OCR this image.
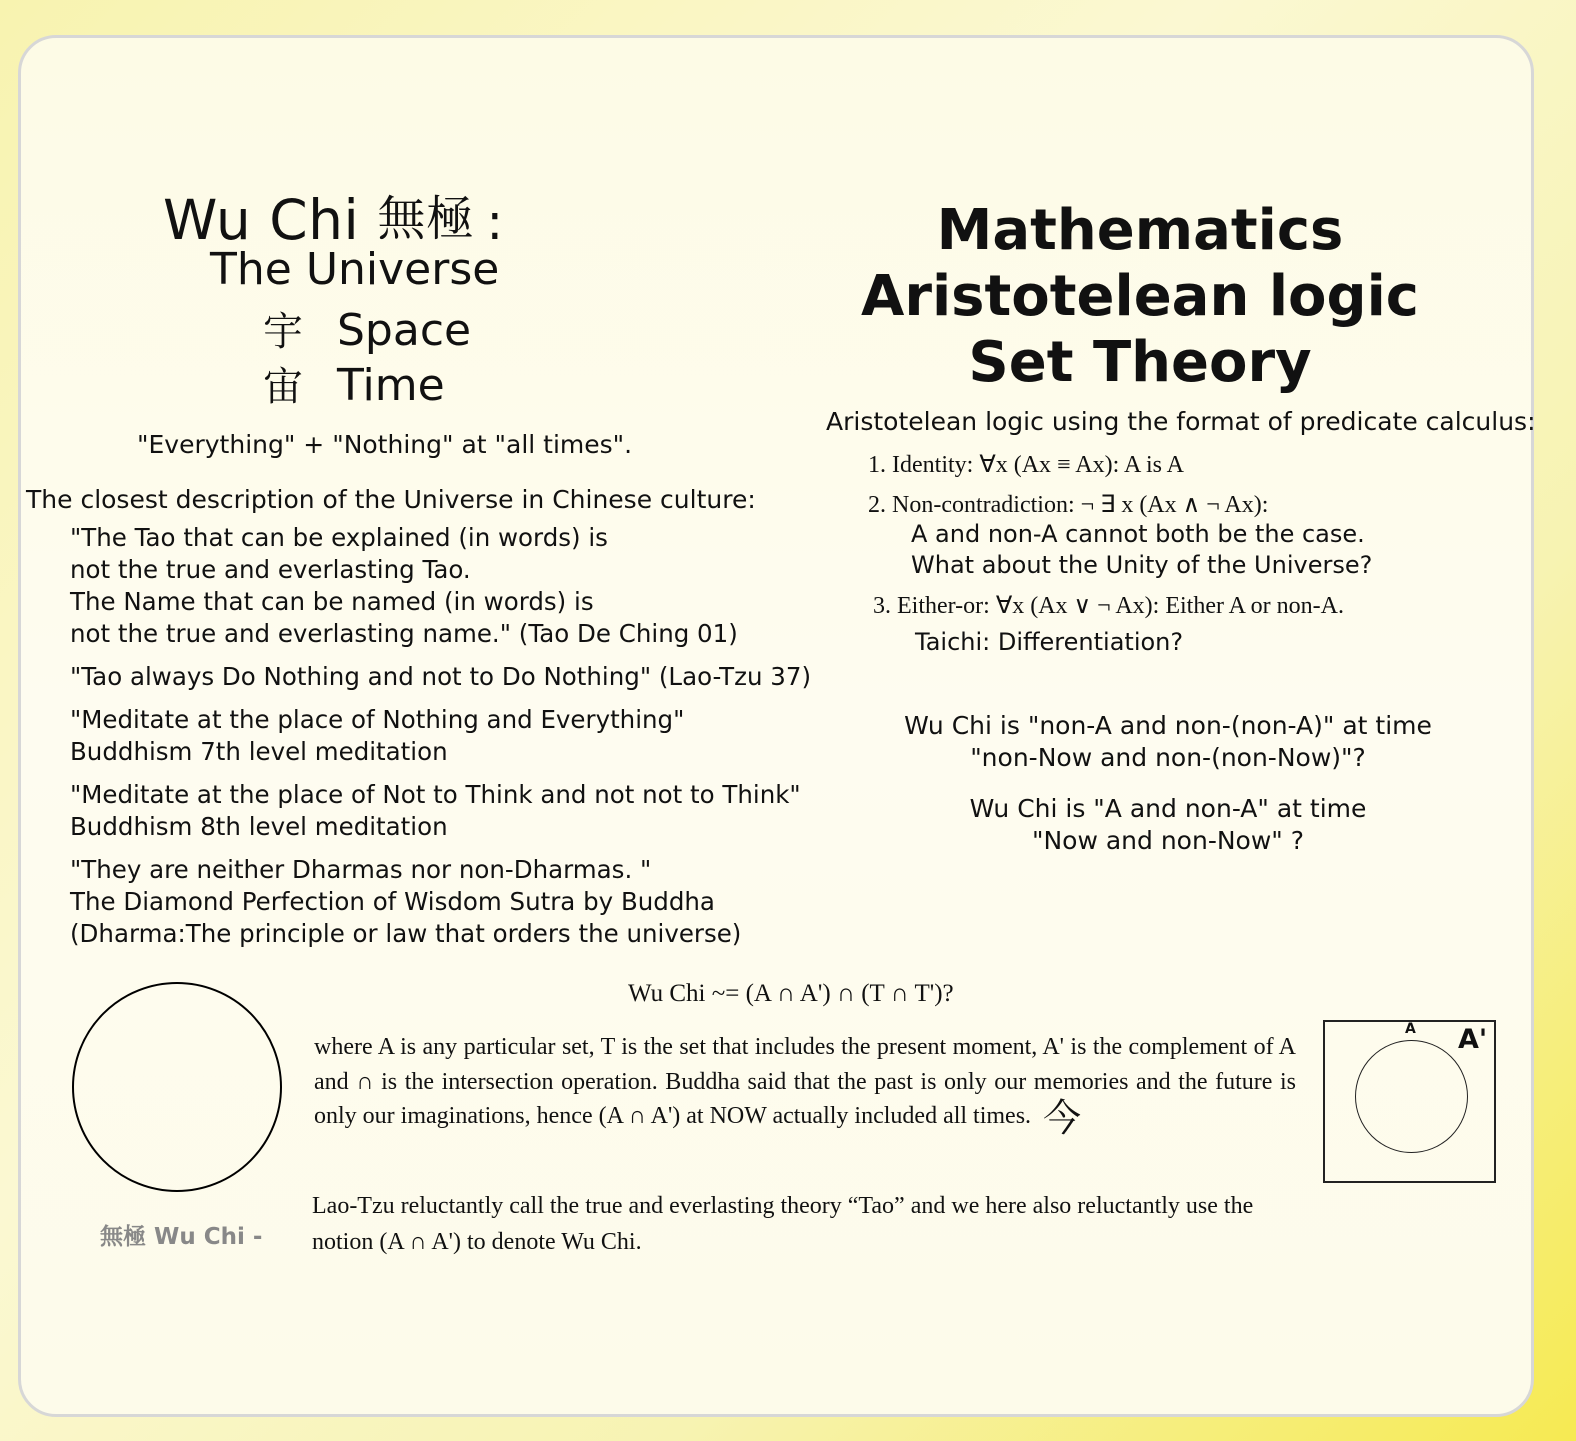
Wu Chi 無極 :
The Universe
宇 Space
宙 Time
"Everything" + "Nothing" at "all times".
The closest description of the Universe in Chinese culture:
"The Tao that can be explained (in words) is
not the true and everlasting Tao.
The Name that can be named (in words) is
not the true and everlasting name." (Tao De Ching 01)
"Tao always Do Nothing and not to Do Nothing" (Lao-Tzu 37)
"Meditate at the place of Nothing and Everything"
Buddhism 7th level meditation
"Meditate at the place of Not to Think and not not to Think"
Buddhism 8th level meditation
"They are neither Dharmas nor non-Dharmas. "
The Diamond Perfection of Wisdom Sutra by Buddha
(Dharma:The principle or law that orders the universe)
Mathematics
Aristotelean logic
Set Theory
Aristotelean logic using the format of predicate calculus:
1. Identity: ∀x (Ax ≡ Ax): A is A
2. Non-contradiction: ¬ ∃ x (Ax ∧ ¬ Ax):
A and non-A cannot both be the case.
What about the Unity of the Universe?
3. Either-or: ∀x (Ax ∨ ¬ Ax): Either A or non-A.
Taichi: Differentiation?
Wu Chi is "non-A and non-(non-A)" at time
"non-Now and non-(non-Now)"?
Wu Chi is "A and non-A" at time
"Now and non-Now" ?
Wu Chi ~= (A ∩ A') ∩ (T ∩ T')?
無極 Wu Chi -
where A is any particular set, T is the set that includes the present moment, A' is the complement of A and ∩ is the intersection operation. Buddha said that the past is only our memories and the future is only our imaginations, hence (A ∩ A') at NOW actually included all times. 今
Lao-Tzu reluctantly call the true and everlasting theory “Tao” and we here also reluctantly use the notion (A ∩ A') to denote Wu Chi.
A A'
